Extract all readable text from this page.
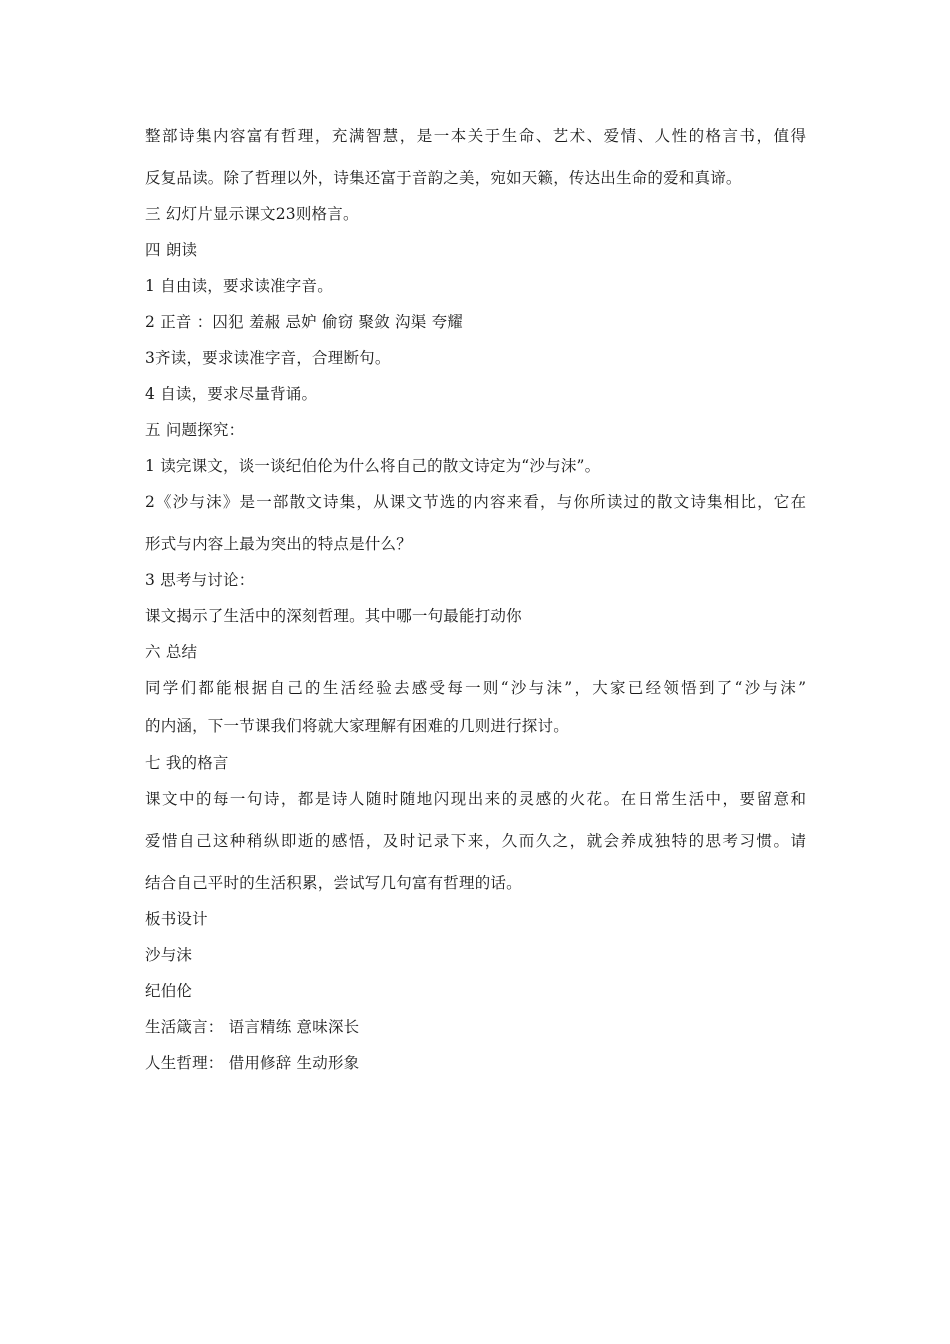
整部诗集内容富有哲理，充满智慧，是一本关于生命、艺术、爱情、人性的格言书，值得
反复品读。除了哲理以外，诗集还富于音韵之美，宛如天籁，传达出生命的爱和真谛。
三 幻灯片显示课文23则格言。
四 朗读
1 自由读，要求读准字音。
2 正音 ：囚犯 羞赧 忌妒 偷窃 聚敛 沟渠 夸耀
3齐读，要求读准字音，合理断句。
4 自读，要求尽量背诵。
五 问题探究：
1 读完课文，谈一谈纪伯伦为什么将自己的散文诗定为“沙与沫”。
2《沙与沫》是一部散文诗集，从课文节选的内容来看，与你所读过的散文诗集相比，它在
形式与内容上最为突出的特点是什么？
3 思考与讨论：
课文揭示了生活中的深刻哲理。其中哪一句最能打动你
六 总结
同学们都能根据自己的生活经验去感受每一则“沙与沫”，大家已经领悟到了“沙与沫”
的内涵，下一节课我们将就大家理解有困难的几则进行探讨。
七 我的格言
课文中的每一句诗，都是诗人随时随地闪现出来的灵感的火花。在日常生活中，要留意和
爱惜自己这种稍纵即逝的感悟，及时记录下来，久而久之，就会养成独特的思考习惯。请
结合自己平时的生活积累，尝试写几句富有哲理的话。
板书设计
沙与沫
纪伯伦
生活箴言： 语言精练 意味深长
人生哲理： 借用修辞 生动形象
